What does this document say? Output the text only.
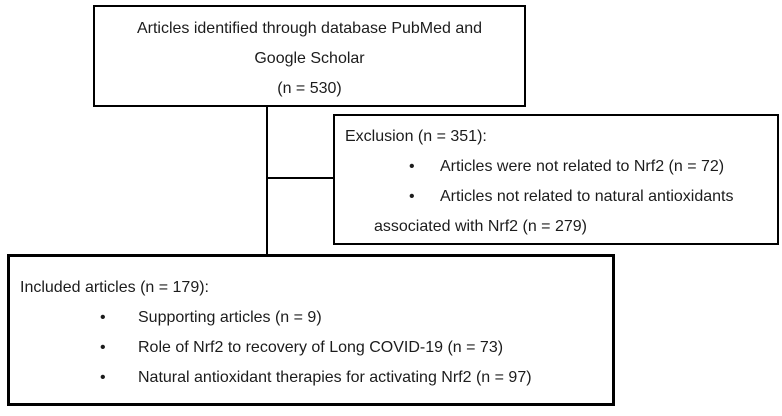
Articles identified through database PubMed and
Google Scholar
(n = 530)
Exclusion (n = 351):
•	Articles were not related to Nrf2 (n = 72)
•	Articles not related to natural antioxidants
associated with Nrf2 (n = 279)
Included articles (n = 179):
•	Supporting articles (n = 9)
•	Role of Nrf2 to recovery of Long COVID-19 (n = 73)
•	Natural antioxidant therapies for activating Nrf2 (n = 97)
